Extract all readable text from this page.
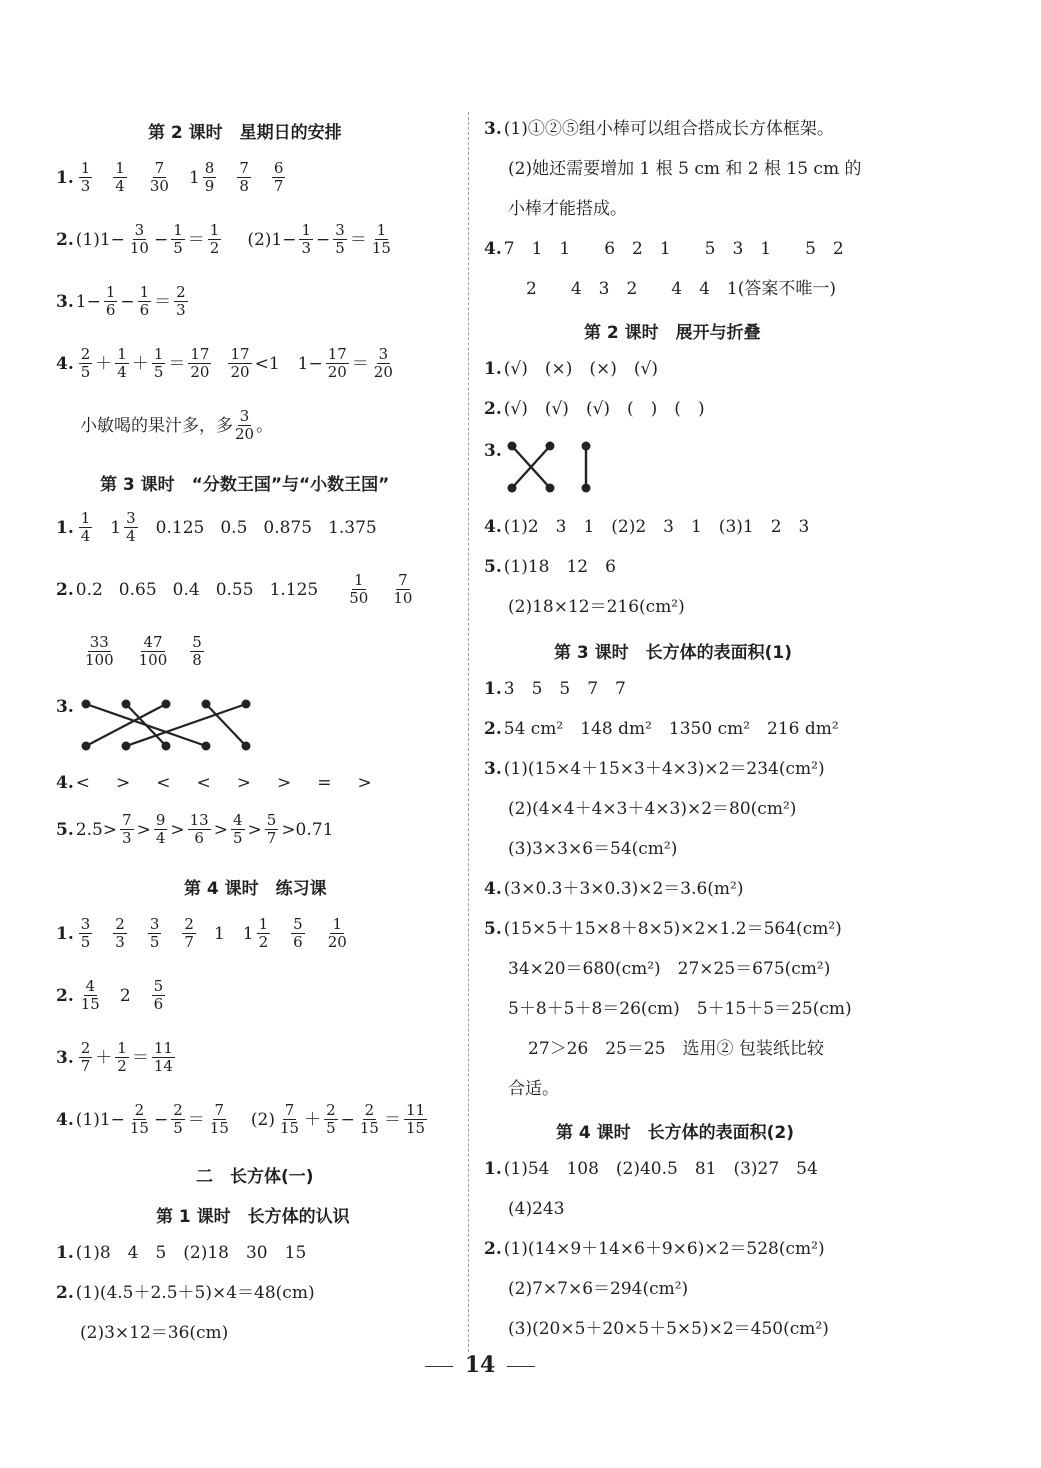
第 2 课时　星期日的安排
1. $\frac{1}{3} \frac{1}{4} \frac{7}{30} 1 \frac{8}{9} \frac{7}{8} \frac{6}{7}$
2. $(1)1- \frac{3}{10} - \frac{1}{5} = \frac{1}{2} (2)1- \frac{1}{3} - \frac{3}{5} = \frac{1}{15}$
3. $1- \frac{1}{6} - \frac{1}{6} = \frac{2}{3}$
4. $\frac{2}{5} + \frac{1}{4} + \frac{1}{5} = \frac{17}{20} \frac{17}{20} <1$ $1- \frac{17}{20} = \frac{3}{20}$
小敏喝的果汁多，多 $\frac{3}{20}$ 。
第 3 课时　“分数王国”与“小数王国”
1. $\frac{1}{4} 1 \frac{3}{4} 0.125$ 0.5 0.875 1.375
2. 0.2 0.65 0.4 0.55 $1.125 \frac{1}{50} \frac{7}{10}$
$\frac{33}{100} \frac{47}{100} \frac{5}{8}$
3.
4. < > < < > > = >
5. $2.5> \frac{7}{3} > \frac{9}{4} > \frac{13}{6} > \frac{4}{5} > \frac{5}{7} >0.71$
第 4 课时　练习课
1. $\frac{3}{5} \frac{2}{3} \frac{3}{5} \frac{2}{7} 1$ $1 \frac{1}{2} \frac{5}{6} \frac{1}{20}$
2. $\frac{4}{15} 2 \frac{5}{6}$
3. $\frac{2}{7} + \frac{1}{2} = \frac{11}{14}$
4. $(1)1- \frac{2}{15} - \frac{2}{5} = \frac{7}{15} (2) \frac{7}{15} + \frac{2}{5} - \frac{2}{15} = \frac{11}{15}$
二　长方体(一)
第 1 课时　长方体的认识
1. (1)8　4　5　(2)18　30　15
2. (1)(4.5＋2.5＋5)×4＝48(cm)
(2)3×12＝36(cm)
3. (1)①②⑤组小棒可以组合搭成长方体框架。
(2)她还需要增加 1 根 5 cm 和 2 根 15 cm 的
小棒才能搭成。
4. 7　1　1　　6　2　1　　5　3　1　　5　2
2　　4　3　2　　4　4　1(答案不唯一)
第 2 课时　展开与折叠
1. (√)　(×)　(×)　(√)
2. (√)　(√)　(√)　(　)　(　)
3.
4. (1)2　3　1　(2)2　3　1　(3)1　2　3
5. (1)18　12　6
(2)18×12＝216(cm²)
第 3 课时　长方体的表面积(1)
1. 3　5　5　7　7
2. 54 cm²　148 dm²　1350 cm²　216 dm²
3. (1)(15×4＋15×3＋4×3)×2＝234(cm²)
(2)(4×4＋4×3＋4×3)×2＝80(cm²)
(3)3×3×6＝54(cm²)
4. (3×0.3＋3×0.3)×2＝3.6(m²)
5. (15×5＋15×8＋8×5)×2×1.2＝564(cm²)
34×20＝680(cm²)　27×25＝675(cm²)
5＋8＋5＋8＝26(cm)　5＋15＋5＝25(cm)
27＞26　25＝25　选用② 包装纸比较
合适。
第 4 课时　长方体的表面积(2)
1. (1)54　108　(2)40.5　81　(3)27　54
(4)243
2. (1)(14×9＋14×6＋9×6)×2＝528(cm²)
(2)7×7×6＝294(cm²)
(3)(20×5＋20×5＋5×5)×2＝450(cm²)
14
